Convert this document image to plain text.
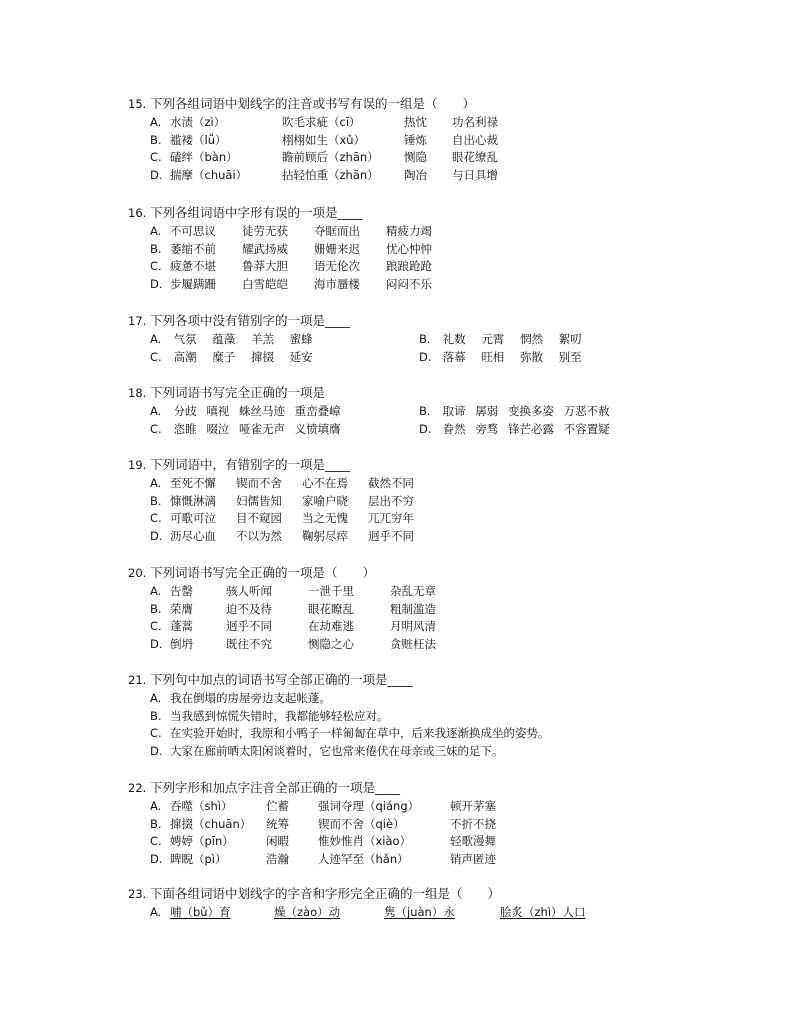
15. 下列各组词语中划线字的注音或书写有误的一组是（　　）
A. 水渍（zì）	吹毛求疵（cī）	热忱	功名利禄
B. 褴褛（lǚ）	栩栩如生（xǔ）	锤炼	自出心裁
C. 磕绊（bàn）	瞻前顾后（zhān）	恻隐	眼花缭乱
D. 揣摩（chuāi）	拈轻怕重（zhān）	陶冶	与日具增
16. 下列各组词语中字形有误的一项是____
A. 不可思议	徒劳无获	夺眶而出	精疲力竭
B. 萎缩不前	耀武扬威	姗姗来迟	忧心忡忡
C. 疲惫不堪	鲁莽大胆	语无伦次	踉踉跄跄
D. 步履蹒跚	白雪皑皑	海市蜃楼	闷闷不乐
17. 下列各项中没有错别字的一项是____
A. 气氛 蕴藻 羊羔 蜜蜂	B. 礼数 元霄 惘然 絮叨
C. 高潮 糜子 撺掇 延安	D. 落幕 旺相 弥散 别至
18. 下列词语书写完全正确的一项是
A. 分歧 嗔视 蛛丝马迹 重峦叠嶂	B. 取谛 孱弱 变换多姿 万恶不赦
C. 恣睢 啜泣 哑雀无声 义愤填膺	D. 眷然 旁骛 锋芒必露 不容置疑
19. 下列词语中，有错别字的一项是____
A. 至死不懈	锲而不舍	心不在焉	截然不同
B. 慷慨淋漓	妇儒皆知	家喻户晓	层出不穷
C. 可歌可泣	目不窥园	当之无愧	兀兀穷年
D. 沥尽心血	不以为然	鞠躬尽瘁	迥乎不同
20. 下列词语书写完全正确的一项是（　　）
A. 告罄	骇人听闻	一泄千里	杂乱无章
B. 荣膺	迫不及待	眼花瞭乱	粗制滥造
C. 蓬蒿	迥乎不同	在劫难逃	月明风清
D. 倒坍	既往不究	恻隐之心	贪赃枉法
21. 下列句中加点的词语书写全部正确的一项是____
A. 我在倒塌的房屋旁边支起帐蓬。
B. 当我感到惊慌失错时，我都能够轻松应对。
C. 在实验开始时，我原和小鸭子一样匍匐在草中，后来我逐渐换成坐的姿势。
D. 大家在廊前晒太阳闲谈着时，它也常来倦伏在母亲或三妹的足下。
22. 下列字形和加点字注音全部正确的一项是____
A. 吞噬（shì）	伫蓄	强词夺理（qiáng）	顿开茅塞
B. 撺掇（chuān） 统筹	锲而不舍（qiè）	不折不挠
C. 娉婷（pīn）	闲暇	惟妙惟肖（xiào）	轻歌漫舞
D. 睥睨（pì）	浩瀚	人迹罕至（hǎn）	销声匿迹
23. 下面各组词语中划线字的字音和字形完全正确的一组是（　　）
A. 哺（bǔ）育	燥（zào）动	隽（juàn）永	脍炙（zhì）人口
